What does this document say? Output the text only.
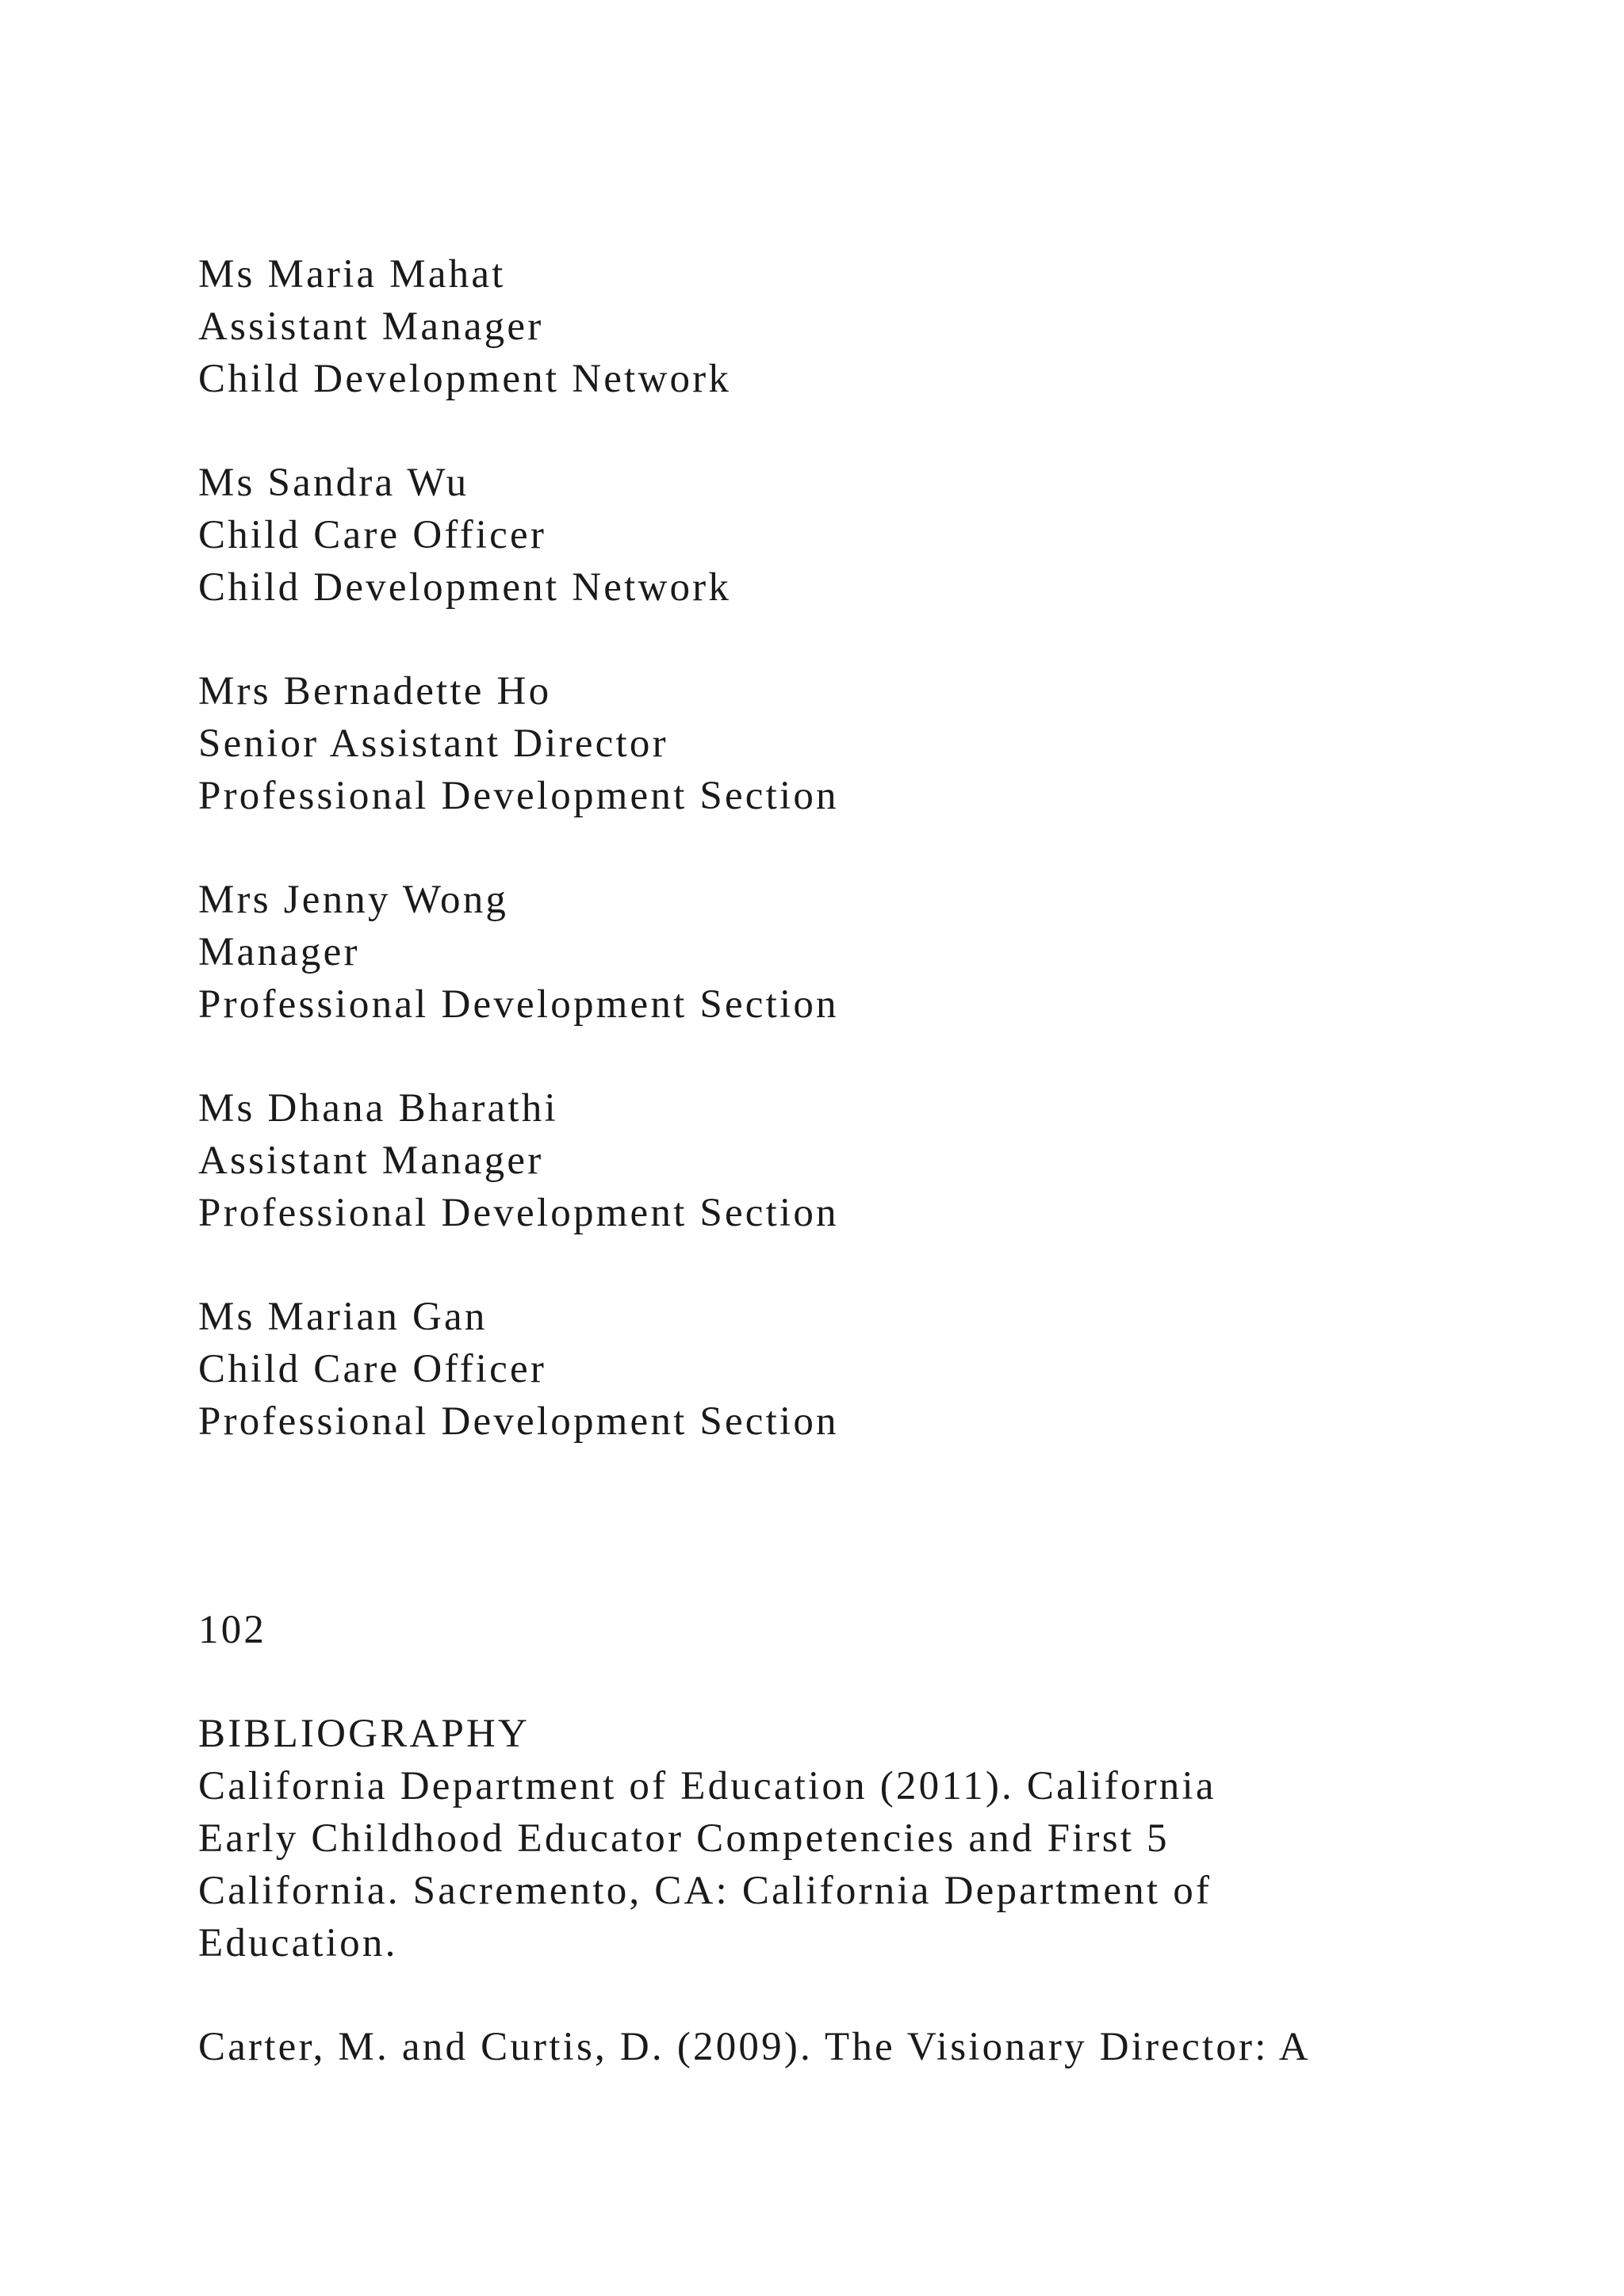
Ms Maria Mahat
Assistant Manager
Child Development Network
Ms Sandra Wu
Child Care Officer
Child Development Network
Mrs Bernadette Ho
Senior Assistant Director
Professional Development Section
Mrs Jenny Wong
Manager
Professional Development Section
Ms Dhana Bharathi
Assistant Manager
Professional Development Section
Ms Marian Gan
Child Care Officer
Professional Development Section
102
BIBLIOGRAPHY
California Department of Education (2011). California
Early Childhood Educator Competencies and First 5
California. Sacremento, CA: California Department of
Education.
Carter, M. and Curtis, D. (2009). The Visionary Director: A
